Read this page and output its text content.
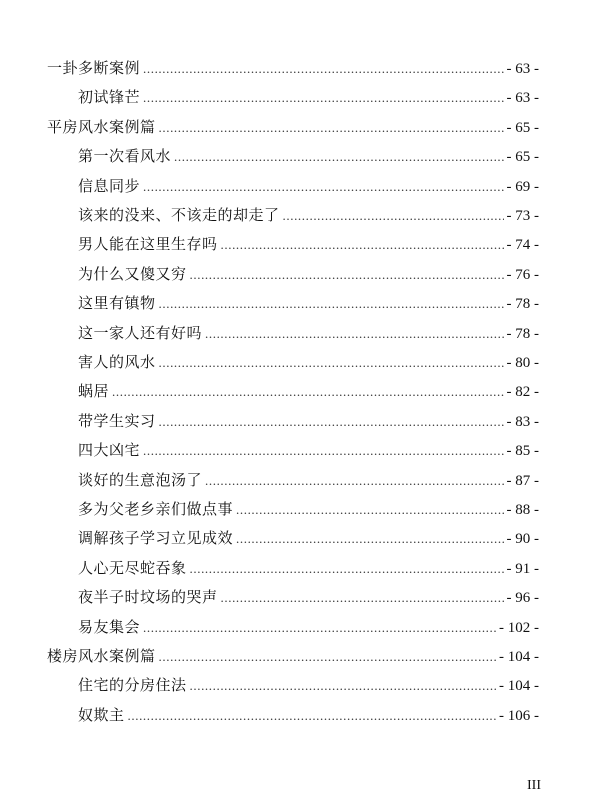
一卦多断案例 .....	- 63 -
初试锋芒 .....	- 63 -
平房风水案例篇 .....	- 65 -
第一次看风水 .....	- 65 -
信息同步 .....	- 69 -
该来的没来、不该走的却走了 .....	- 73 -
男人能在这里生存吗 .....	- 74 -
为什么又傻又穷 .....	- 76 -
这里有镇物 .....	- 78 -
这一家人还有好吗 .....	- 78 -
害人的风水 .....	- 80 -
蜗居 .....	- 82 -
带学生实习 .....	- 83 -
四大凶宅 .....	- 85 -
谈好的生意泡汤了 .....	- 87 -
多为父老乡亲们做点事 .....	- 88 -
调解孩子学习立见成效 .....	- 90 -
人心无尽蛇吞象 .....	- 91 -
夜半子时坟场的哭声 .....	- 96 -
易友集会 .....	- 102 -
楼房风水案例篇 .....	- 104 -
住宅的分房住法 .....	- 104 -
奴欺主 .....	- 106 -
III
